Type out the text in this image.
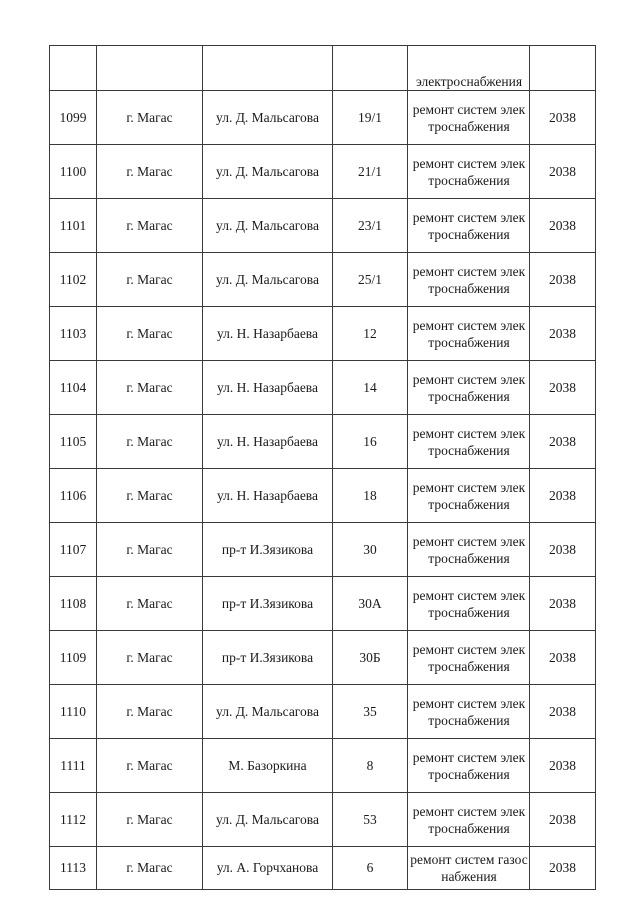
				электроснабжения	

1099	г. Магас	ул. Д. Мальсагова	19/1	ремонт систем электроснабжения	2038
1100	г. Магас	ул. Д. Мальсагова	21/1	ремонт систем электроснабжения	2038
1101	г. Магас	ул. Д. Мальсагова	23/1	ремонт систем электроснабжения	2038
1102	г. Магас	ул. Д. Мальсагова	25/1	ремонт систем электроснабжения	2038
1103	г. Магас	ул. Н. Назарбаева	12	ремонт систем электроснабжения	2038
1104	г. Магас	ул. Н. Назарбаева	14	ремонт систем электроснабжения	2038
1105	г. Магас	ул. Н. Назарбаева	16	ремонт систем электроснабжения	2038
1106	г. Магас	ул. Н. Назарбаева	18	ремонт систем электроснабжения	2038
1107	г. Магас	пр-т И.Зязикова	30	ремонт систем электроснабжения	2038
1108	г. Магас	пр-т И.Зязикова	30А	ремонт систем электроснабжения	2038
1109	г. Магас	пр-т И.Зязикова	30Б	ремонт систем электроснабжения	2038
1110	г. Магас	ул. Д. Мальсагова	35	ремонт систем электроснабжения	2038
1111	г. Магас	М. Базоркина	8	ремонт систем электроснабжения	2038
1112	г. Магас	ул. Д. Мальсагова	53	ремонт систем электроснабжения	2038
1113	г. Магас	ул. А. Горчханова	6	ремонт систем газоснабжения	2038
